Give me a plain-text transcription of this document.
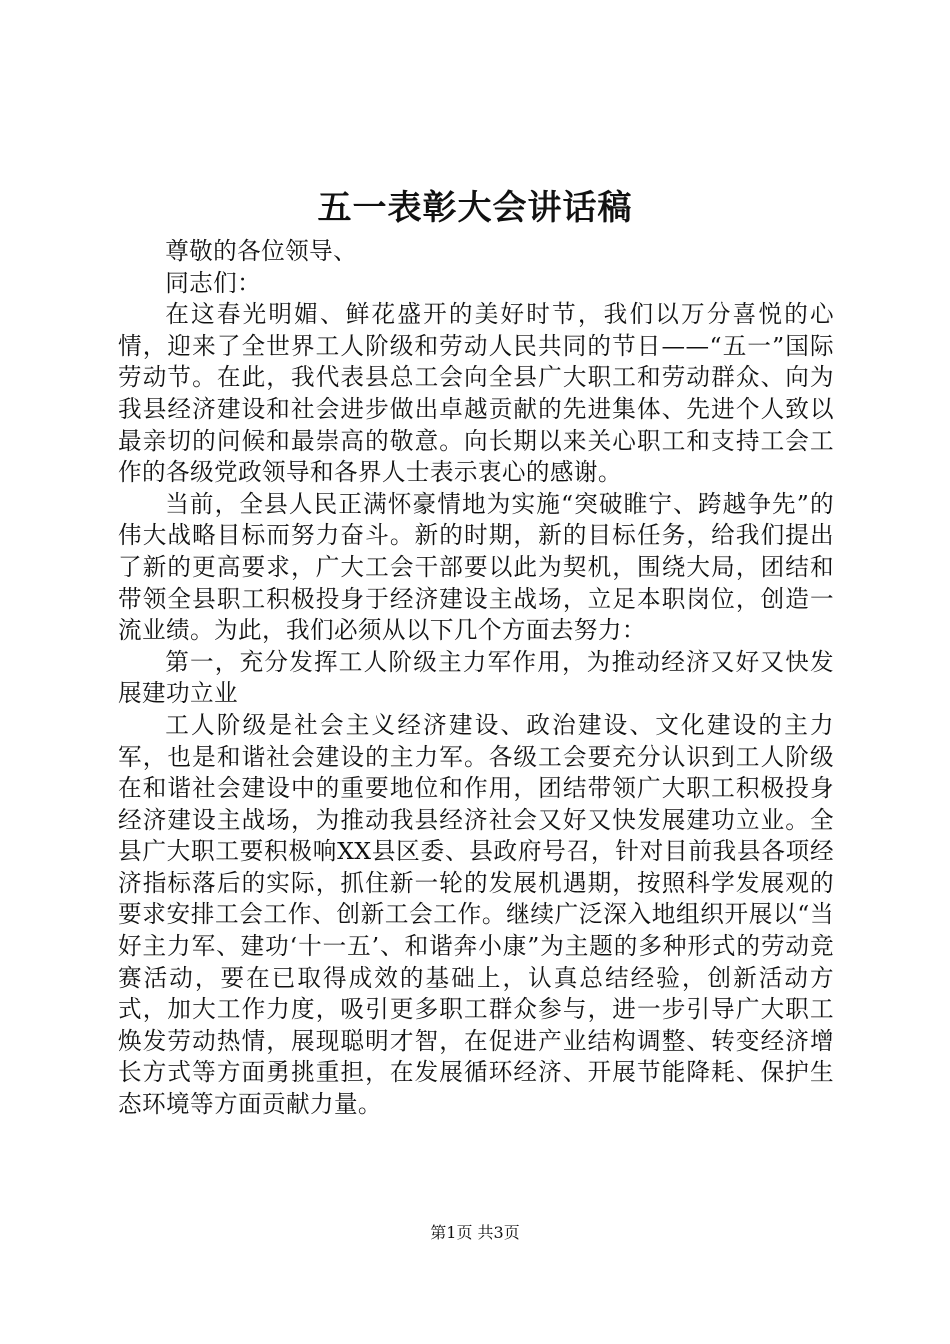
五一表彰大会讲话稿

尊敬的各位领导、

同志们：

在这春光明媚、鲜花盛开的美好时节，我们以万分喜悦的心情，迎来了全世界工人阶级和劳动人民共同的节日——“五一”国际劳动节。在此，我代表县总工会向全县广大职工和劳动群众、向为我县经济建设和社会进步做出卓越贡献的先进集体、先进个人致以最亲切的问候和最崇高的敬意。向长期以来关心职工和支持工会工作的各级党政领导和各界人士表示衷心的感谢。

当前，全县人民正满怀豪情地为实施“突破睢宁、跨越争先”的伟大战略目标而努力奋斗。新的时期，新的目标任务，给我们提出了新的更高要求，广大工会干部要以此为契机，围绕大局，团结和带领全县职工积极投身于经济建设主战场，立足本职岗位，创造一流业绩。为此，我们必须从以下几个方面去努力：

第一，充分发挥工人阶级主力军作用，为推动经济又好又快发展建功立业

工人阶级是社会主义经济建设、政治建设、文化建设的主力军，也是和谐社会建设的主力军。各级工会要充分认识到工人阶级在和谐社会建设中的重要地位和作用，团结带领广大职工积极投身经济建设主战场，为推动我县经济社会又好又快发展建功立业。全县广大职工要积极响XX县区委、县政府号召，针对目前我县各项经济指标落后的实际，抓住新一轮的发展机遇期，按照科学发展观的要求安排工会工作、创新工会工作。继续广泛深入地组织开展以“当好主力军、建功‘十一五’、和谐奔小康”为主题的多种形式的劳动竞赛活动，要在已取得成效的基础上，认真总结经验，创新活动方式，加大工作力度，吸引更多职工群众参与，进一步引导广大职工焕发劳动热情，展现聪明才智，在促进产业结构调整、转变经济增长方式等方面勇挑重担，在发展循环经济、开展节能降耗、保护生态环境等方面贡献力量。

第1页 共3页
